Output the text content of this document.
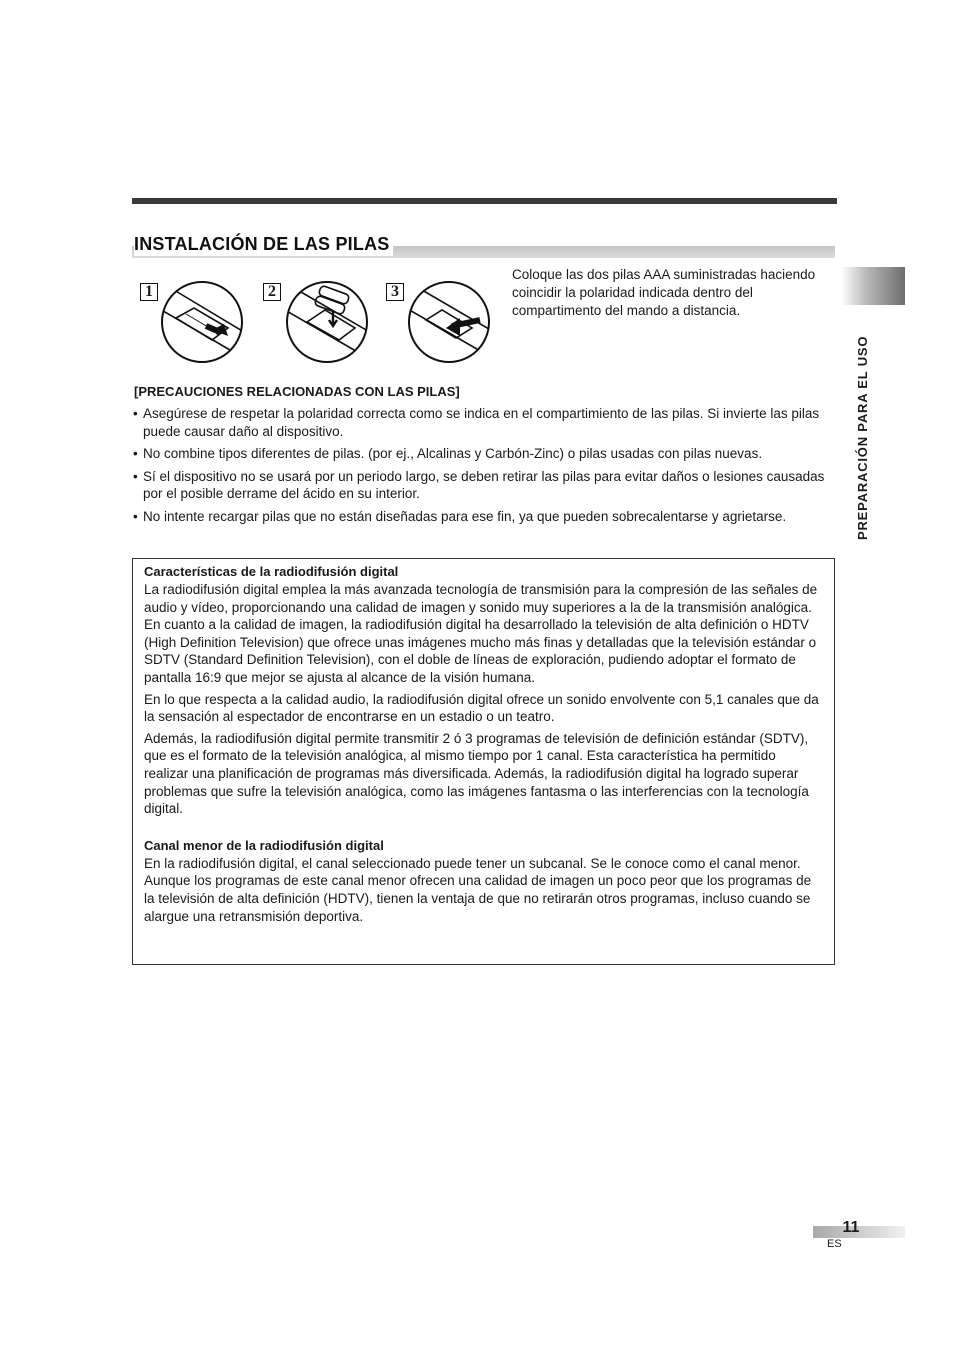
INSTALACIÓN DE LAS PILAS
PREPARACIÓN PARA EL USO
1	2	3

Coloque las dos pilas AAA suministradas haciendo coincidir la polaridad indicada dentro del compartimento del mando a distancia.

[PRECAUCIONES RELACIONADAS CON LAS PILAS]

• Asegúrese de respetar la polaridad correcta como se indica en el compartimiento de las pilas. Si invierte las pilas puede causar daño al dispositivo.
• No combine tipos diferentes de pilas. (por ej., Alcalinas y Carbón-Zinc) o pilas usadas con pilas nuevas.
• Sí el dispositivo no se usará por un periodo largo, se deben retirar las pilas para evitar daños o lesiones causadas por el posible derrame del ácido en su interior.
• No intente recargar pilas que no están diseñadas para ese fin, ya que pueden sobrecalentarse y agrietarse.
Características de la radiodifusión digital

La radiodifusión digital emplea la más avanzada tecnología de transmisión para la compresión de las señales de audio y vídeo, proporcionando una calidad de imagen y sonido muy superiores a la de la transmisión analógica. En cuanto a la calidad de imagen, la radiodifusión digital ha desarrollado la televisión de alta definición o HDTV (High Definition Television) que ofrece unas imágenes mucho más finas y detalladas que la televisión estándar o SDTV (Standard Definition Television), con el doble de líneas de exploración, pudiendo adoptar el formato de pantalla 16:9 que mejor se ajusta al alcance de la visión humana.

En lo que respecta a la calidad audio, la radiodifusión digital ofrece un sonido envolvente con 5,1 canales que da la sensación al espectador de encontrarse en un estadio o un teatro.

Además, la radiodifusión digital permite transmitir 2 ó 3 programas de televisión de definición estándar (SDTV), que es el formato de la televisión analógica, al mismo tiempo por 1 canal. Esta característica ha permitido realizar una planificación de programas más diversificada. Además, la radiodifusión digital ha logrado superar problemas que sufre la televisión analógica, como las imágenes fantasma o las interferencias con la tecnología digital.

Canal menor de la radiodifusión digital

En la radiodifusión digital, el canal seleccionado puede tener un subcanal. Se le conoce como el canal menor. Aunque los programas de este canal menor ofrecen una calidad de imagen un poco peor que los programas de la televisión de alta definición (HDTV), tienen la ventaja de que no retirarán otros programas, incluso cuando se alargue una retransmisión deportiva.

11
ES
